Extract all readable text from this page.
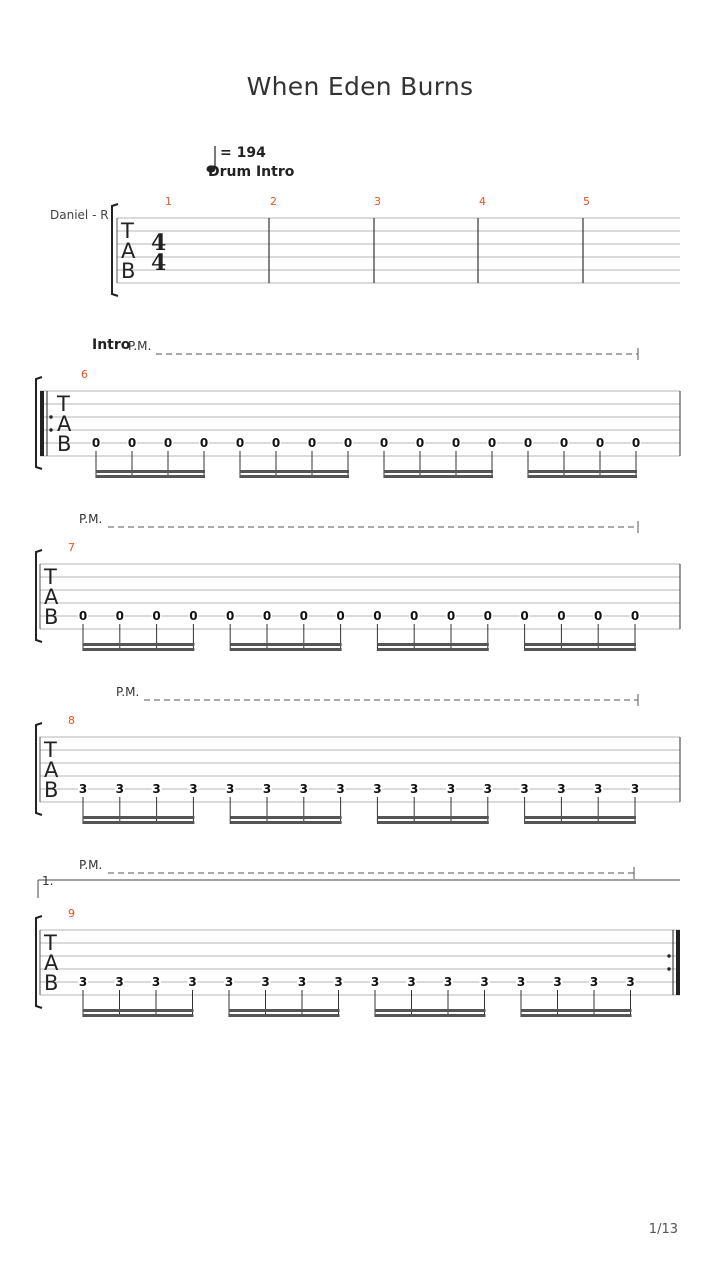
When Eden Burns
= 194
Drum Intro
Daniel - R
Intro
T
A
B
4
4
1	2	3	4	5
P.M.
T
A
B
6
0 0 0 0 0 0 0 0 0 0 0 0 0 0 0 0
P.M.
T
A
B
7
0 0 0 0 0 0 0 0 0 0 0 0 0 0 0 0
P.M.
T
A
B
8
3 3 3 3 3 3 3 3 3 3 3 3 3 3 3 3
P.M.
1.
T
A
B
9
3 3 3 3 3 3 3 3 3 3 3 3 3 3 3 3
1/13
